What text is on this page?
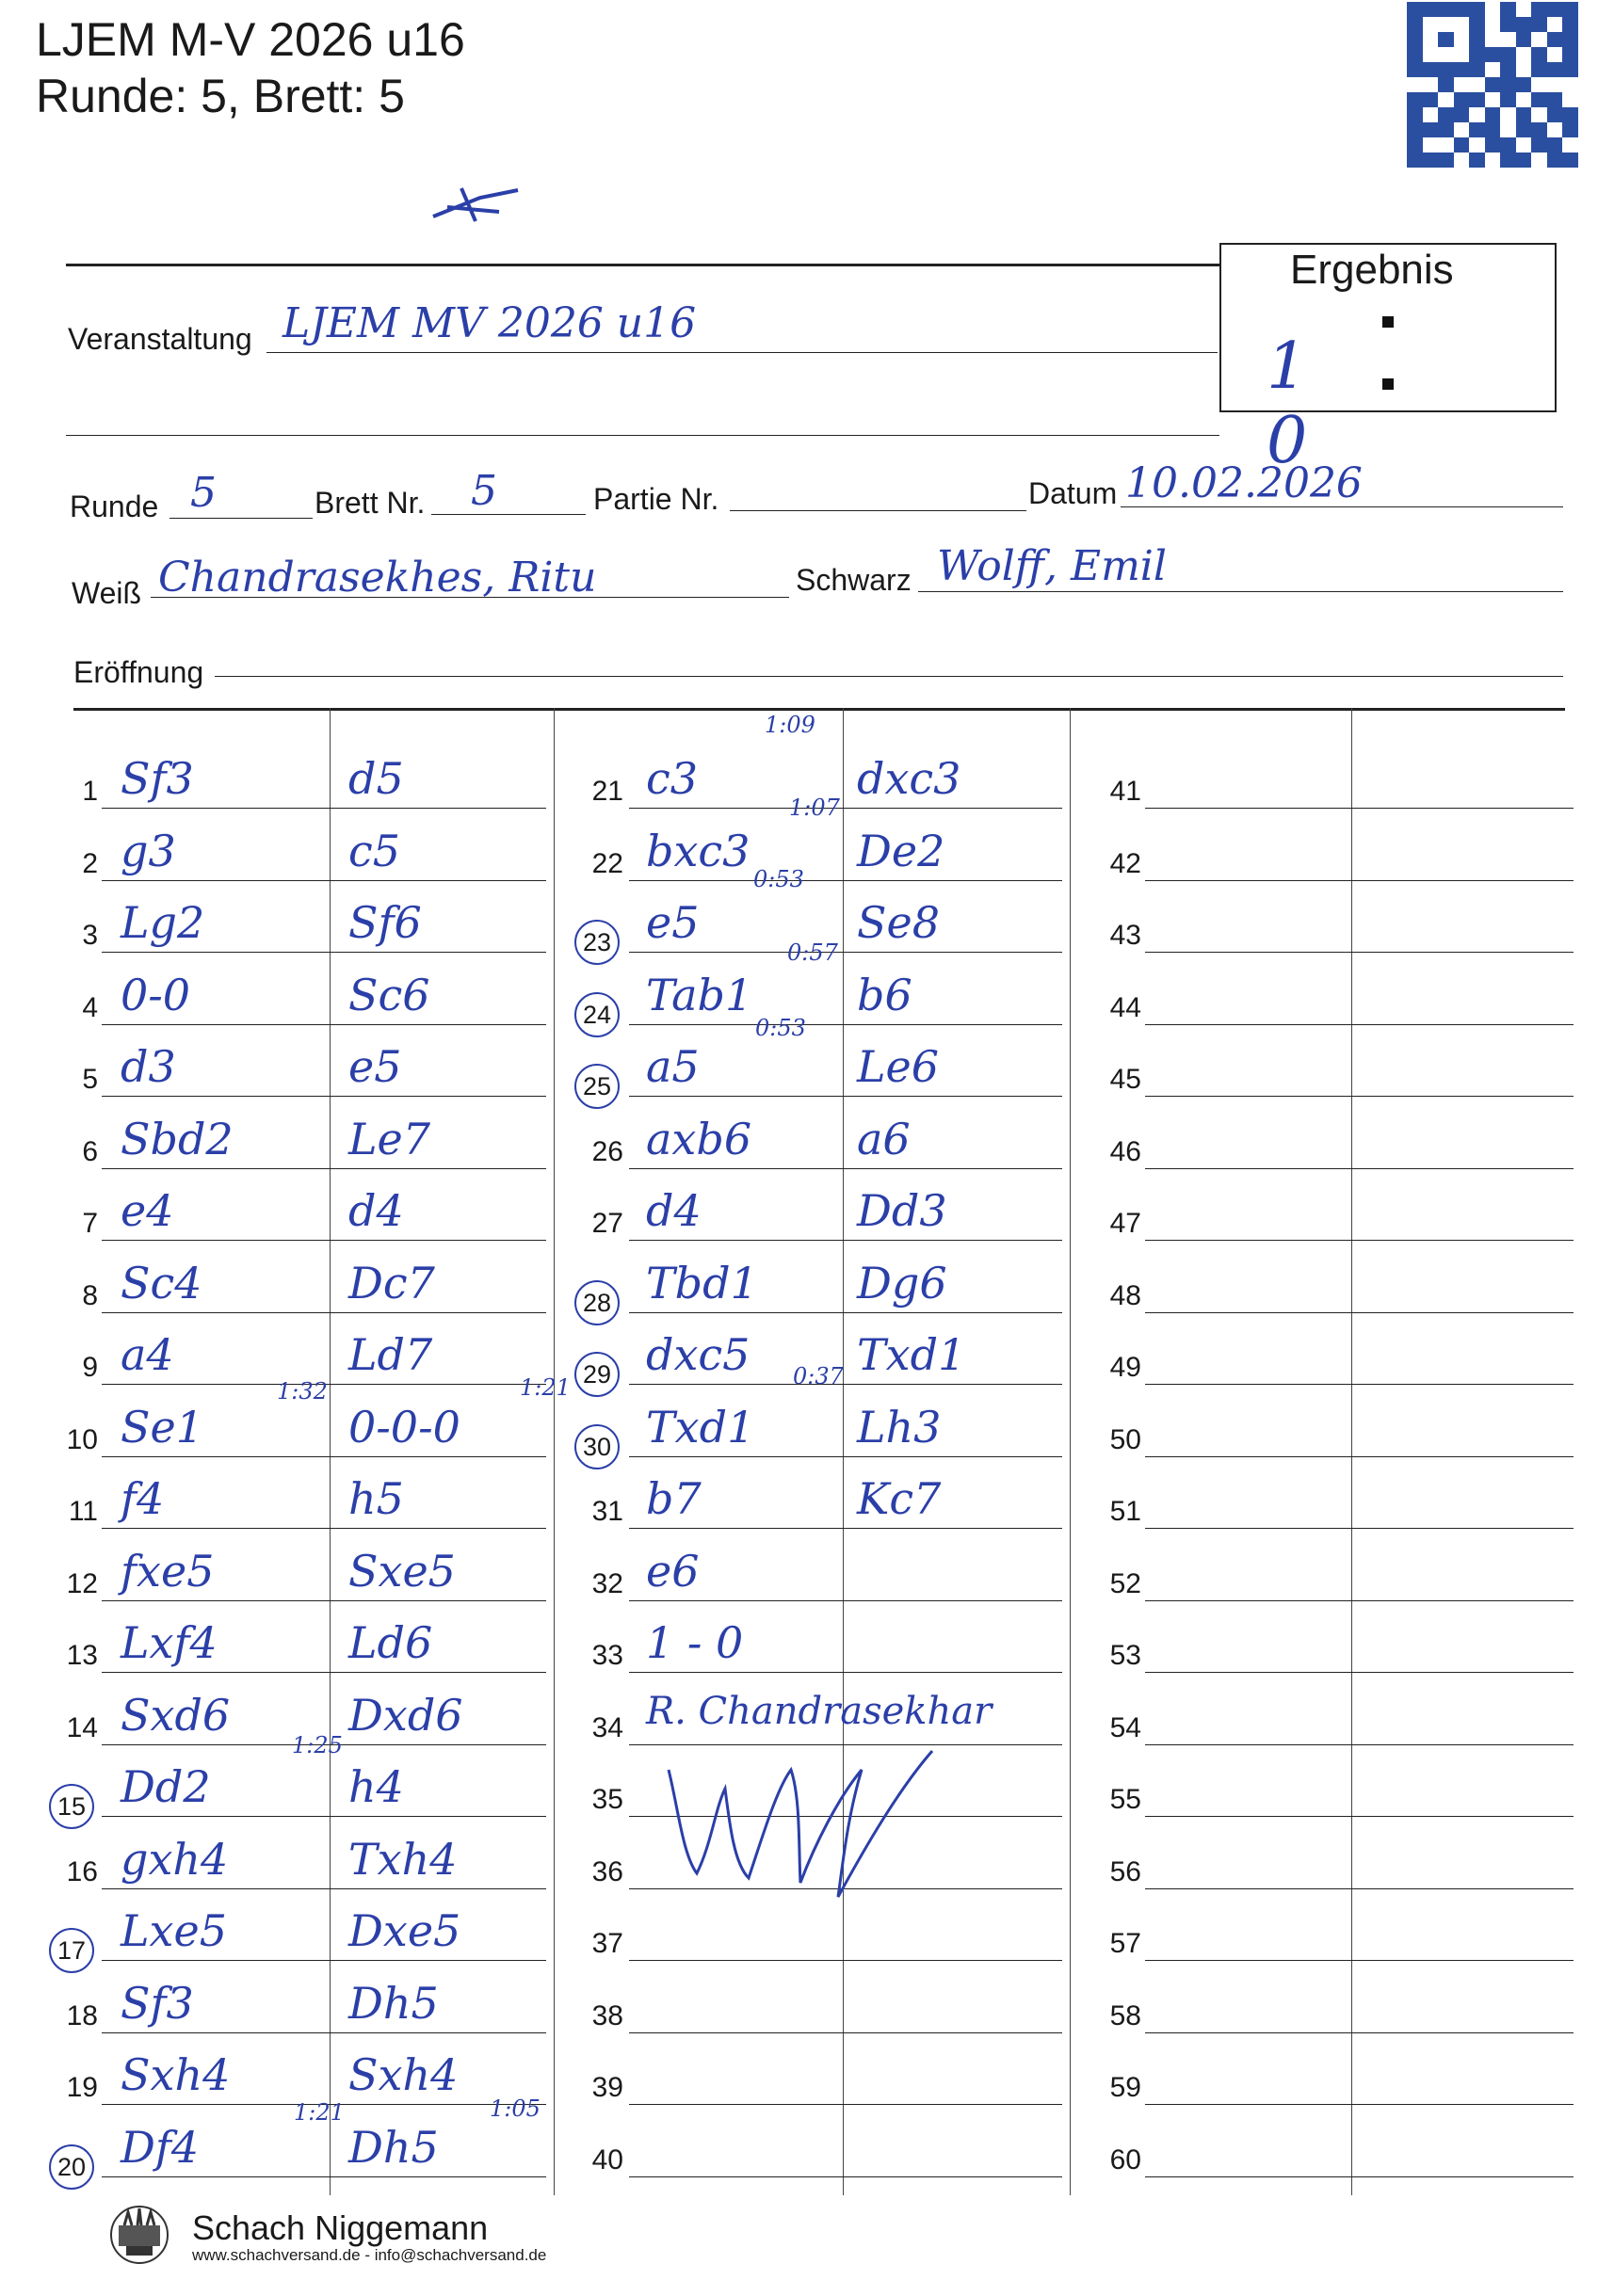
LJEM M-V 2026 u16
Runde: 5, Brett: 5
Ergebnis
1 0
Veranstaltung LJEM MV 2026 u16
Runde 5	Brett Nr. 5	Partie Nr.	Datum 10.02.2026
Weiß Chandrasekhes, Ritu	Schwarz Wolff, Emil
Eröffnung
1 Sf3	d5
2 g3	c5
3 Lg2	Sf6
4 0-0	Sc6
5 d3	e5
6 Sbd2	Le7
7 e4	d4
8 Sc4	Dc7
9 a4	Ld7
10 Se1	0-0-0
11 f4	h5
12 fxe5	Sxe5
13 Lxf4	Ld6
14 Sxd6	Dxd6
15 Dd2	h4
16 gxh4	Txh4
17 Lxe5	Dxe5
18 Sf3	Dh5
19 Sxh4	Sxh4
20 Df4	Dh5
21 c3	dxc3
22 bxc3 De2
23 e5	Se8
24 Tab1 b6
25 a5	Le6
26 axb6 a6
27 d4	Dd3
28 Tbd1 Dg6
29 dxc5 Txd1
30 Txd1 Lh3
31 b7	Kc7
32 e6
33 1 - 0
34 R. Chandrasekhar
35
36
37
38
39
40
41
42
43
44
45
46
47
48
49
50
51
52
53
54
55
56
57
58
59
60
1:09
1:07
0:53
0:57
0:53
0:37
1:32	1:21
1:25
1:21	1:05
Schach Niggemann
www.schachversand.de - info@schachversand.de
